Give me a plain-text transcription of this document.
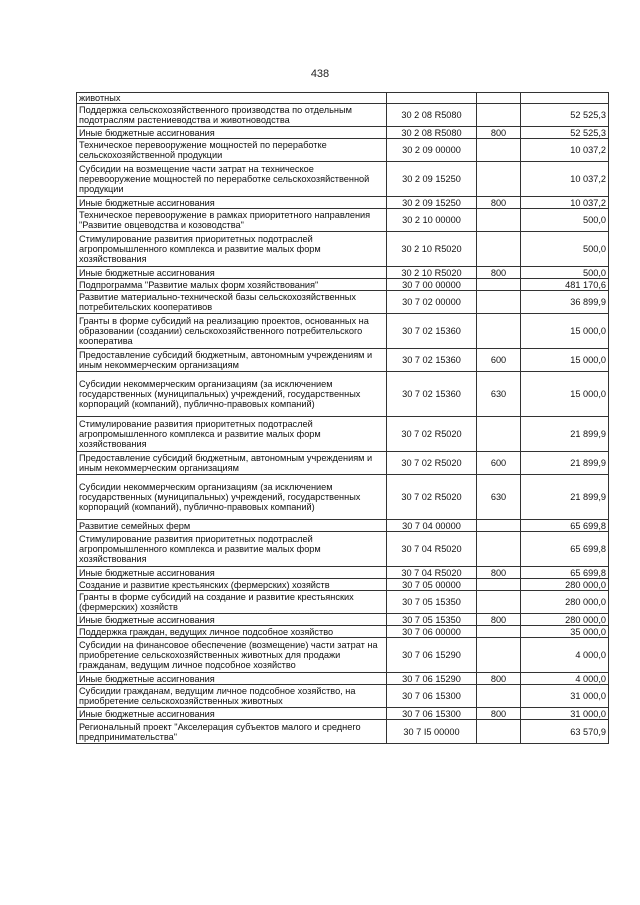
438
животных			
Поддержка сельскохозяйственного производства по отдельным подотраслям растениеводства и животноводства	30 2 08 R5080		52 525,3
Иные бюджетные ассигнования	30 2 08 R5080	800	52 525,3
Техническое перевооружение мощностей по переработке сельскохозяйственной продукции	30 2 09 00000		10 037,2
Субсидии на возмещение части затрат на техническое перевооружение мощностей по переработке сельскохозяйственной продукции	30 2 09 15250		10 037,2
Иные бюджетные ассигнования	30 2 09 15250	800	10 037,2
Техническое перевооружение в рамках приоритетного направления "Развитие овцеводства и козоводства"	30 2 10 00000		500,0
Стимулирование развития приоритетных подотраслей агропромышленного комплекса и развитие малых форм хозяйствования	30 2 10 R5020		500,0
Иные бюджетные ассигнования	30 2 10 R5020	800	500,0
Подпрограмма "Развитие малых форм хозяйствования"	30 7 00 00000		481 170,6
Развитие материально-технической базы сельскохозяйственных потребительских кооперативов	30 7 02 00000		36 899,9
Гранты в форме субсидий на реализацию проектов, основанных на образовании (создании) сельскохозяйственного потребительского кооператива	30 7 02 15360		15 000,0
Предоставление субсидий бюджетным, автономным учреждениям и иным некоммерческим организациям	30 7 02 15360	600	15 000,0
Субсидии некоммерческим организациям (за исключением государственных (муниципальных) учреждений, государственных корпораций (компаний), публично-правовых компаний)	30 7 02 15360	630	15 000,0
Стимулирование развития приоритетных подотраслей агропромышленного комплекса и развитие малых форм хозяйствования	30 7 02 R5020		21 899,9
Предоставление субсидий бюджетным, автономным учреждениям и иным некоммерческим организациям	30 7 02 R5020	600	21 899,9
Субсидии некоммерческим организациям (за исключением государственных (муниципальных) учреждений, государственных корпораций (компаний), публично-правовых компаний)	30 7 02 R5020	630	21 899,9
Развитие семейных ферм	30 7 04 00000		65 699,8
Стимулирование развития приоритетных подотраслей агропромышленного комплекса и развитие малых форм хозяйствования	30 7 04 R5020		65 699,8
Иные бюджетные ассигнования	30 7 04 R5020	800	65 699,8
Создание и развитие крестьянских (фермерских) хозяйств	30 7 05 00000		280 000,0
Гранты в форме субсидий на создание и развитие крестьянских (фермерских) хозяйств	30 7 05 15350		280 000,0
Иные бюджетные ассигнования	30 7 05 15350	800	280 000,0
Поддержка граждан, ведущих личное подсобное хозяйство	30 7 06 00000		35 000,0
Субсидии на финансовое обеспечение (возмещение) части затрат на приобретение сельскохозяйственных животных для продажи гражданам, ведущим личное подсобное хозяйство	30 7 06 15290		4 000,0
Иные бюджетные ассигнования	30 7 06 15290	800	4 000,0
Субсидии гражданам, ведущим личное подсобное хозяйство, на приобретение сельскохозяйственных животных	30 7 06 15300		31 000,0
Иные бюджетные ассигнования	30 7 06 15300	800	31 000,0
Региональный проект "Акселерация субъектов малого и среднего предпринимательства"	30 7 I5 00000		63 570,9
